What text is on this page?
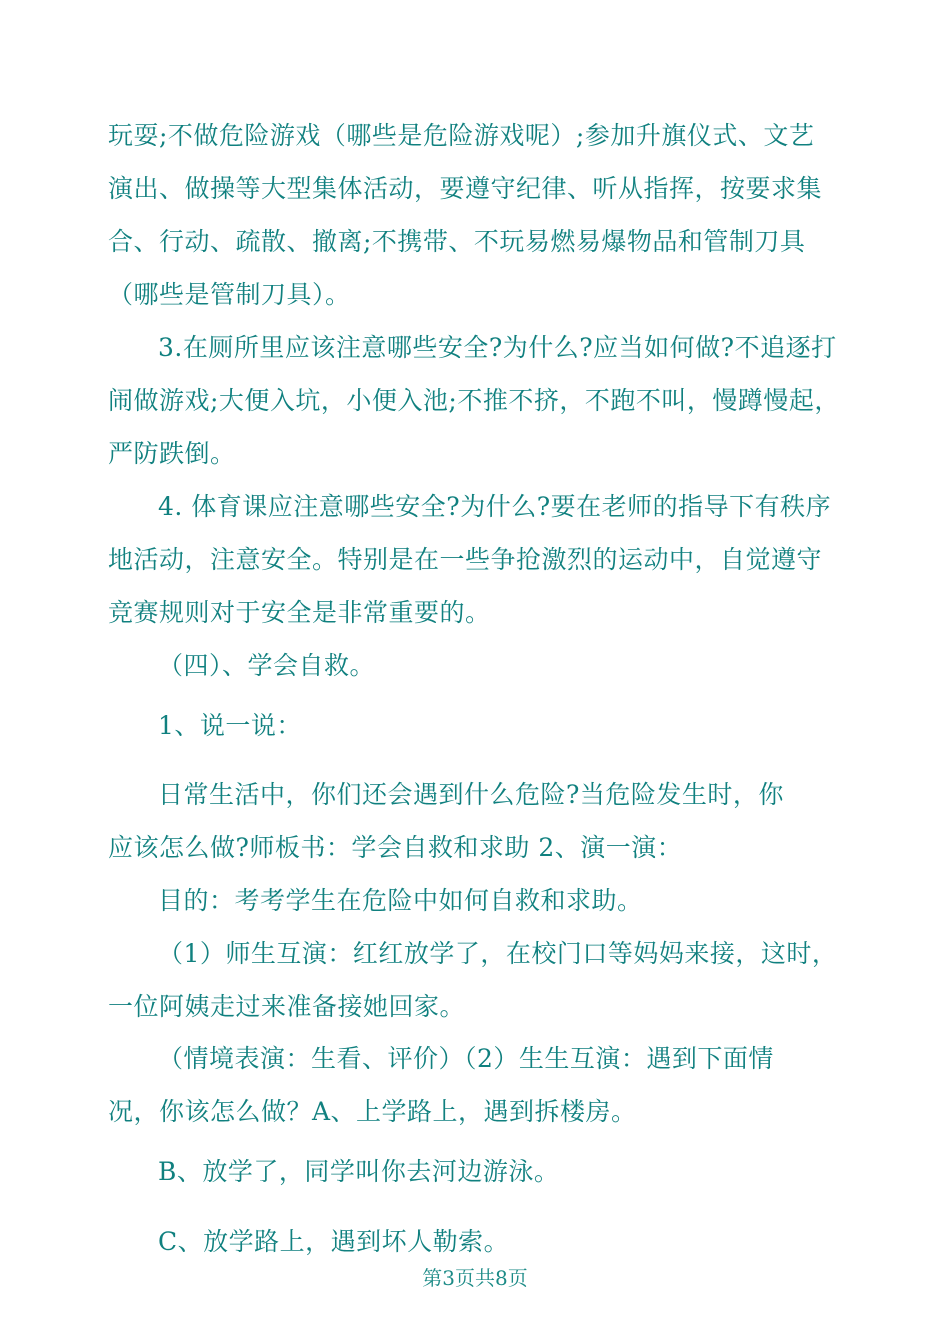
玩耍;不做危险游戏（哪些是危险游戏呢）;参加升旗仪式、文艺
演出、做操等大型集体活动，要遵守纪律、听从指挥，按要求集
合、行动、疏散、撤离;不携带、不玩易燃易爆物品和管制刀具
（哪些是管制刀具）。
3.在厕所里应该注意哪些安全?为什么?应当如何做?不追逐打
闹做游戏;大便入坑，小便入池;不推不挤，不跑不叫，慢蹲慢起，
严防跌倒。
4. 体育课应注意哪些安全?为什么?要在老师的指导下有秩序
地活动，注意安全。特别是在一些争抢激烈的运动中，自觉遵守
竞赛规则对于安全是非常重要的。
（四）、学会自救。
1、说一说：
日常生活中，你们还会遇到什么危险?当危险发生时，你
应该怎么做?师板书：学会自救和求助 2、演一演：
目的：考考学生在危险中如何自救和求助。
（1）师生互演：红红放学了，在校门口等妈妈来接，这时，
一位阿姨走过来准备接她回家。
（情境表演：生看、评价）（2）生生互演：遇到下面情
况，你该怎么做？A、上学路上，遇到拆楼房。
B、放学了，同学叫你去河边游泳。
C、放学路上，遇到坏人勒索。
第3页共8页
